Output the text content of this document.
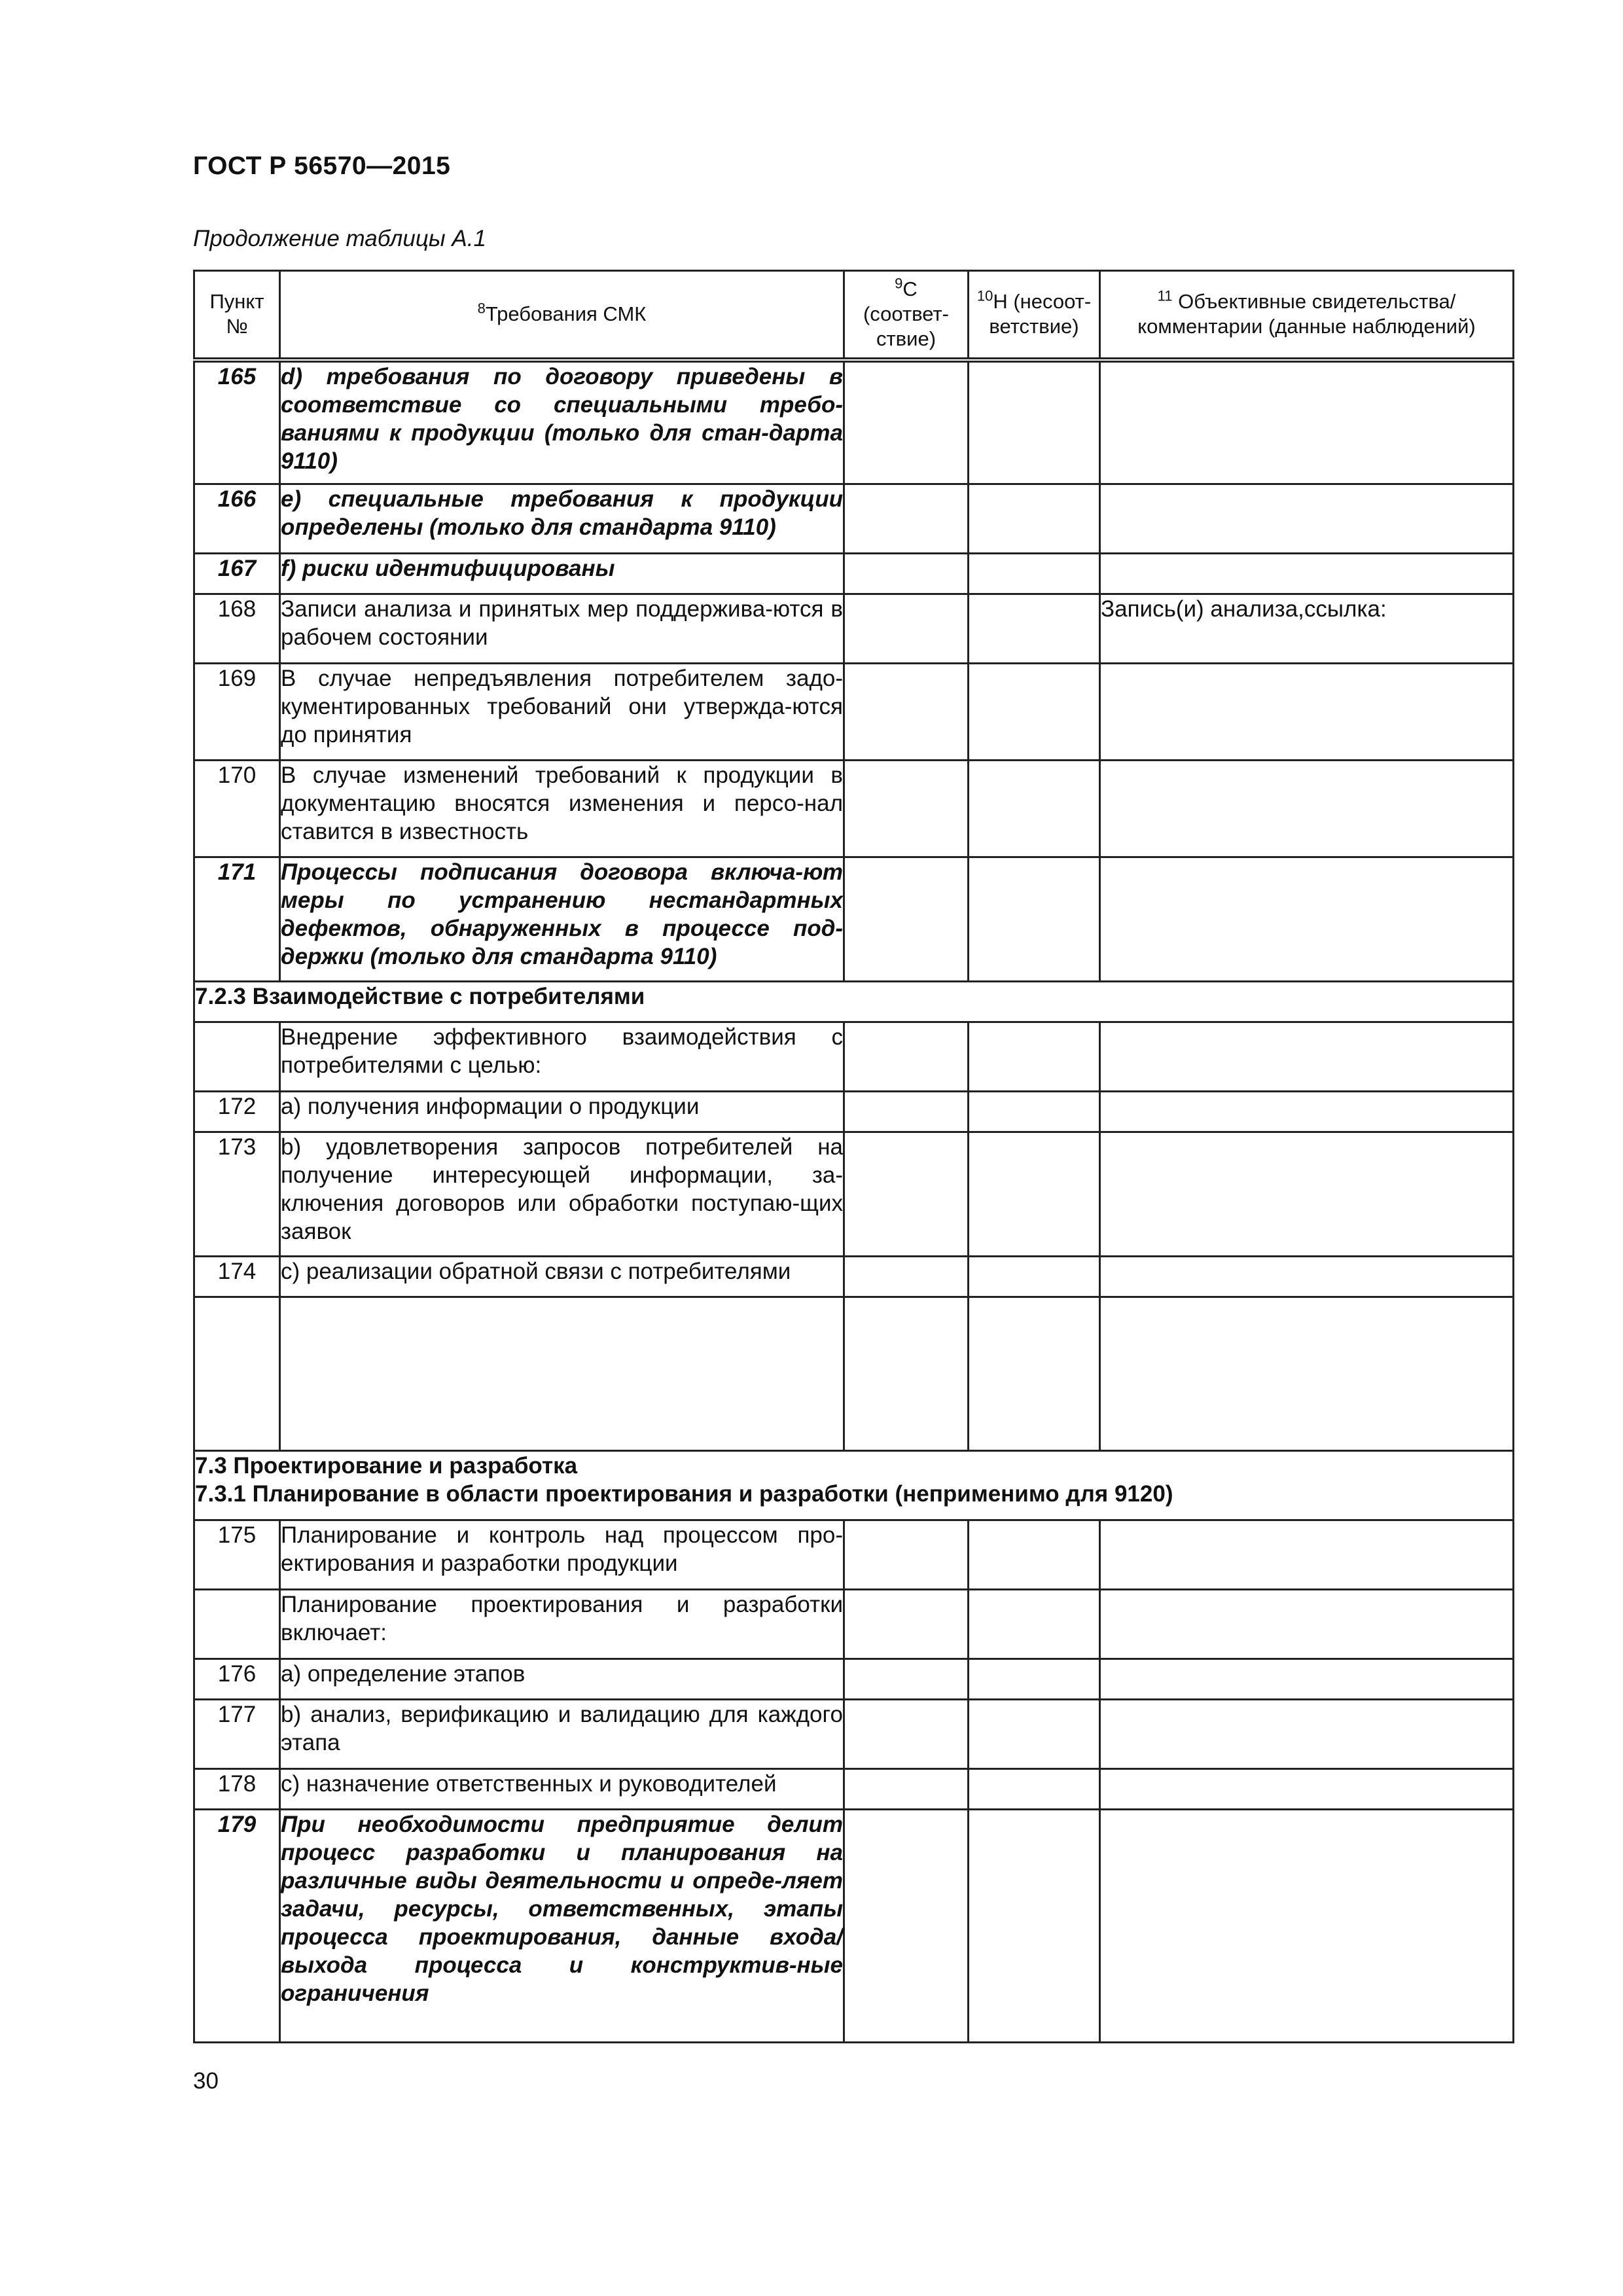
ГОСТ Р 56570—2015
Продолжение таблицы А.1
Пункт №	$^8$Требования СМК	$^9$С (соответ-ствие)	$^{10}$Н (несоот-ветствие)	$^{11}$ Объективные свидетельства/ комментарии (данные наблюдений)
165	d) требования по договору приведены в соответствие со специальными требо-ваниями к продукции (только для стан-дарта 9110)			
166	e) специальные требования к продукции определены (только для стандарта 9110)			
167	f) риски идентифицированы			
168	Записи анализа и принятых мер поддержива-ются в рабочем состоянии			Запись(и) анализа,ссылка:
169	В случае непредъявления потребителем задо-кументированных требований они утвержда-ются до принятия			
170	В случае изменений требований к продукции в документацию вносятся изменения и персо-нал ставится в известность			
171	Процессы подписания договора включа-ют меры по устранению нестандартных дефектов, обнаруженных в процессе под-держки (только для стандарта 9110)			
7.2.3 Взаимодействие с потребителями				
	Внедрение эффективного взаимодействия с потребителями с целью:			
172	a) получения информации о продукции			
173	b) удовлетворения запросов потребителей на получение интересующей информации, за-ключения договоров или обработки поступаю-щих заявок			
174	c) реализации обратной связи с потребителями			

7.3 Проектирование и разработка
7.3.1 Планирование в области проектирования и разработки (неприменимо для 9120)				

175	Планирование и контроль над процессом про-ектирования и разработки продукции			
	Планирование проектирования и разработки включает:			
176	a) определение этапов			
177	b) анализ, верификацию и валидацию для каждого этапа			
178	c) назначение ответственных и руководителей			
179	При необходимости предприятие делит процесс разработки и планирования на различные виды деятельности и опреде-ляет задачи, ресурсы, ответственных, этапы процесса проектирования, данные входа/выхода процесса и конструктив-ные ограничения			
30
